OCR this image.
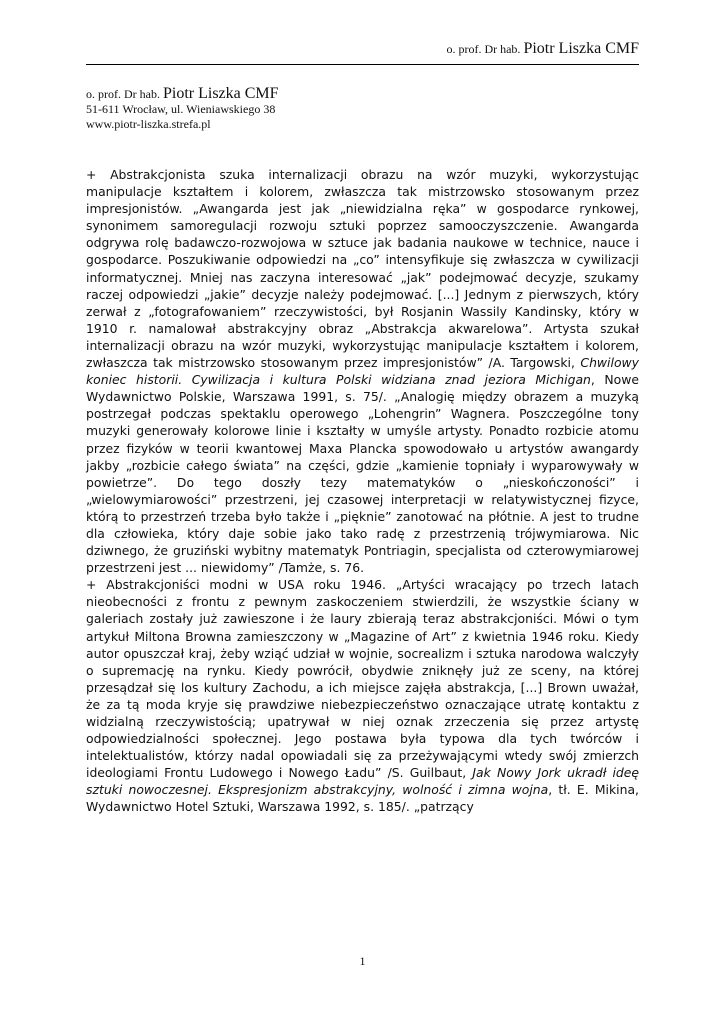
o. prof. Dr hab. Piotr Liszka CMF
o. prof. Dr hab. Piotr Liszka CMF
51-611 Wrocław, ul. Wieniawskiego 38
www.piotr-liszka.strefa.pl

+ Abstrakcjonista szuka internalizacji obrazu na wzór muzyki, wykorzystując manipulacje kształtem i kolorem, zwłaszcza tak mistrzowsko stosowanym przez impresjonistów. „Awangarda jest jak „niewidzialna ręka” w gospodarce rynkowej, synonimem samoregulacji rozwoju sztuki poprzez samooczyszczenie. Awangarda odgrywa rolę badawczo-rozwojowa w sztuce jak badania naukowe w technice, nauce i gospodarce. Poszukiwanie odpowiedzi na „co” intensyfikuje się zwłaszcza w cywilizacji informatycznej. Mniej nas zaczyna interesować „jak” podejmować decyzje, szukamy raczej odpowiedzi „jakie” decyzje należy podejmować. [...] Jednym z pierwszych, który zerwał z „fotografowaniem” rzeczywistości, był Rosjanin Wassily Kandinsky, który w 1910 r. namalował abstrakcyjny obraz „Abstrakcja akwarelowa”. Artysta szukał internalizacji obrazu na wzór muzyki, wykorzystując manipulacje kształtem i kolorem, zwłaszcza tak mistrzowsko stosowanym przez impresjonistów” /A. Targowski, Chwilowy koniec historii. Cywilizacja i kultura Polski widziana znad jeziora Michigan, Nowe Wydawnictwo Polskie, Warszawa 1991, s. 75/. „Analogię między obrazem a muzyką postrzegał podczas spektaklu operowego „Lohengrin” Wagnera. Poszczególne tony muzyki generowały kolorowe linie i kształty w umyśle artysty. Ponadto rozbicie atomu przez fizyków w teorii kwantowej Maxa Plancka spowodowało u artystów awangardy jakby „rozbicie całego świata” na części, gdzie „kamienie topniały i wyparowywały w powietrze”. Do tego doszły tezy matematyków o „nieskończoności” i „wielowymiarowości” przestrzeni, jej czasowej interpretacji w relatywistycznej fizyce, którą to przestrzeń trzeba było także i „pięknie” zanotować na płótnie. A jest to trudne dla człowieka, który daje sobie jako tako radę z przestrzenią trójwymiarowa. Nic dziwnego, że gruziński wybitny matematyk Pontriagin, specjalista od czterowymiarowej przestrzeni jest ... niewidomy” /Tamże, s. 76.

+ Abstrakcjoniści modni w USA roku 1946. „Artyści wracający po trzech latach nieobecności z frontu z pewnym zaskoczeniem stwierdzili, że wszystkie ściany w galeriach zostały już zawieszone i że laury zbierają teraz abstrakcjoniści. Mówi o tym artykuł Miltona Browna zamieszczony w „Magazine of Art” z kwietnia 1946 roku. Kiedy autor opuszczał kraj, żeby wziąć udział w wojnie, socrealizm i sztuka narodowa walczyły o supremację na rynku. Kiedy powrócił, obydwie zniknęły już ze sceny, na której przesądzał się los kultury Zachodu, a ich miejsce zajęła abstrakcja, [...] Brown uważał, że za tą moda kryje się prawdziwe niebezpieczeństwo oznaczające utratę kontaktu z widzialną rzeczywistością; upatrywał w niej oznak zrzeczenia się przez artystę odpowiedzialności społecznej. Jego postawa była typowa dla tych twórców i intelektualistów, którzy nadal opowiadali się za przeżywającymi wtedy swój zmierzch ideologiami Frontu Ludowego i Nowego Ładu” /S. Guilbaut, Jak Nowy Jork ukradł ideę sztuki nowoczesnej. Ekspresjonizm abstrakcyjny, wolność i zimna wojna, tł. E. Mikina, Wydawnictwo Hotel Sztuki, Warszawa 1992, s. 185/. „patrzący

1
